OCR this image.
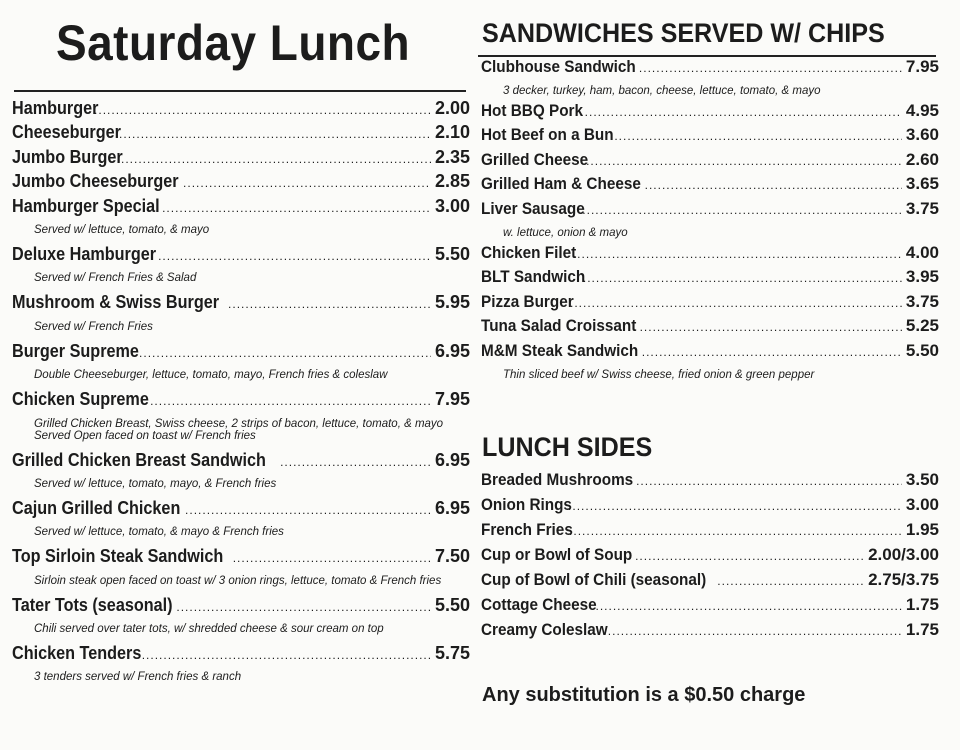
Saturday Lunch
Hamburger .....	2.00
Cheeseburger .....	2.10
Jumbo Burger .....	2.35
Jumbo Cheeseburger .....	2.85
Hamburger Special .....	3.00
Served w/ lettuce, tomato, & mayo
Deluxe Hamburger .....	5.50
Served w/ French Fries & Salad
Mushroom & Swiss Burger .....	5.95
Served w/ French Fries
Burger Supreme .....	6.95
Double Cheeseburger, lettuce, tomato, mayo, French fries & coleslaw
Chicken Supreme .....	7.95
Grilled Chicken Breast, Swiss cheese, 2 strips of bacon, lettuce, tomato, & mayo
Served Open faced on toast w/ French fries
Grilled Chicken Breast Sandwich .....	6.95
Served w/ lettuce, tomato, mayo, & French fries
Cajun Grilled Chicken .....	6.95
Served w/ lettuce, tomato, & mayo & French fries
Top Sirloin Steak Sandwich .....	7.50
Sirloin steak open faced on toast w/ 3 onion rings, lettuce, tomato & French fries
Tater Tots (seasonal) .....	5.50
Chili served over tater tots, w/ shredded cheese & sour cream on top
Chicken Tenders .....	5.75
3 tenders served w/ French fries & ranch
SANDWICHES SERVED W/ CHIPS
Clubhouse Sandwich .....	7.95
3 decker, turkey, ham, bacon, cheese, lettuce, tomato, & mayo
Hot BBQ Pork .....	4.95
Hot Beef on a Bun .....	3.60
Grilled Cheese .....	2.60
Grilled Ham & Cheese .....	3.65
Liver Sausage .....	3.75
w. lettuce, onion & mayo
Chicken Filet .....	4.00
BLT Sandwich .....	3.95
Pizza Burger .....	3.75
Tuna Salad Croissant .....	5.25
M&M Steak Sandwich .....	5.50
Thin sliced beef w/ Swiss cheese, fried onion & green pepper
LUNCH SIDES
Breaded Mushrooms .....	3.50
Onion Rings .....	3.00
French Fries .....	1.95
Cup or Bowl of Soup .....	2.00/3.00
Cup of Bowl of Chili (seasonal) .....	2.75/3.75
Cottage Cheese .....	1.75
Creamy Coleslaw .....	1.75
Any substitution is a $0.50 charge
